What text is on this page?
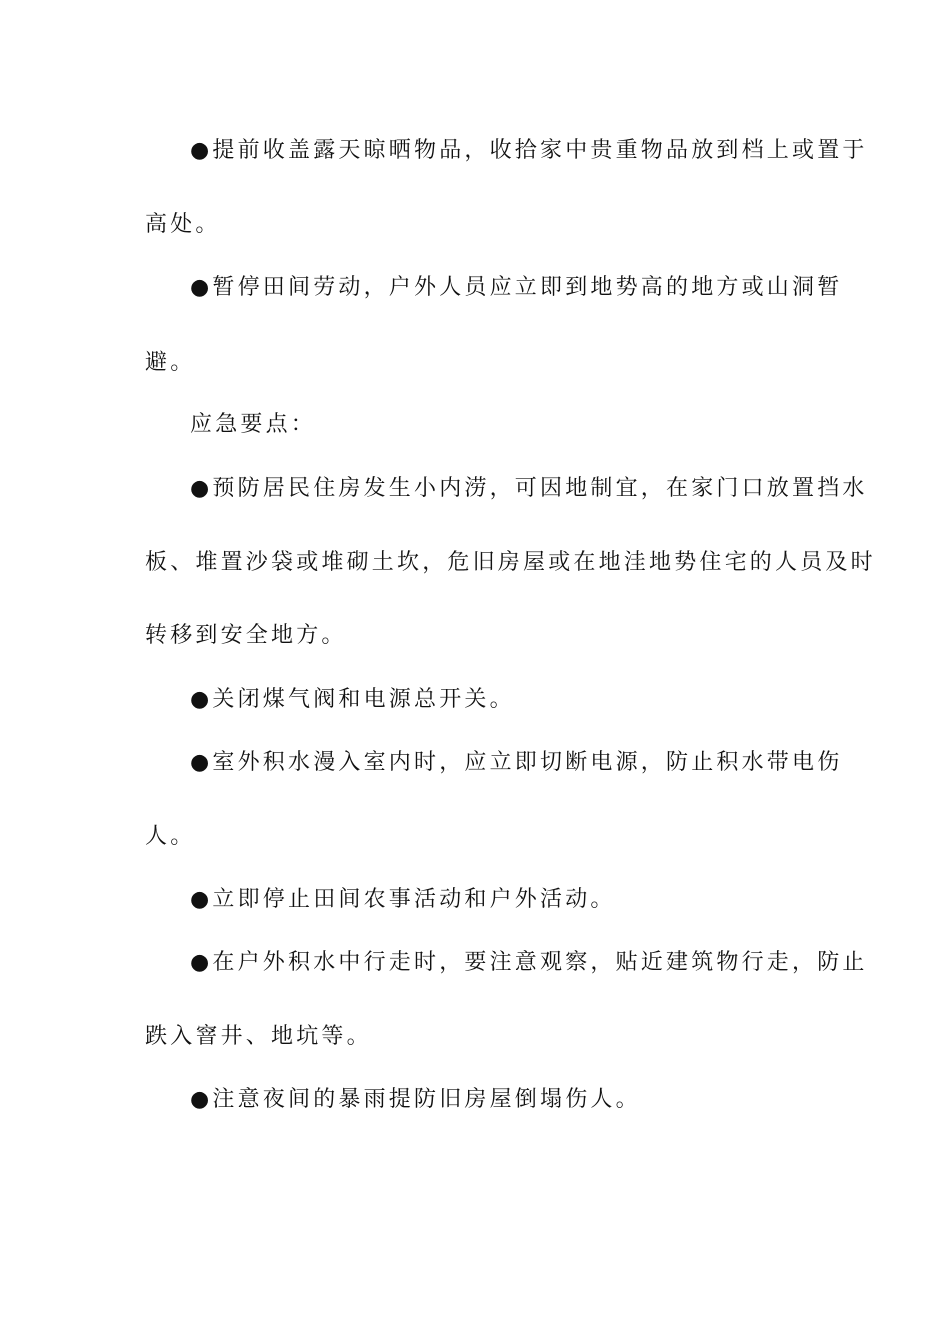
●提前收盖露天晾晒物品，收拾家中贵重物品放到档上或置于
高处。
●暂停田间劳动，户外人员应立即到地势高的地方或山洞暂
避。
应急要点：
●预防居民住房发生小内涝，可因地制宜，在家门口放置挡水
板、堆置沙袋或堆砌土坎，危旧房屋或在地洼地势住宅的人员及时
转移到安全地方。
●关闭煤气阀和电源总开关。
●室外积水漫入室内时，应立即切断电源，防止积水带电伤
人。
●立即停止田间农事活动和户外活动。
●在户外积水中行走时，要注意观察，贴近建筑物行走，防止
跌入窨井、地坑等。
●注意夜间的暴雨提防旧房屋倒塌伤人。
